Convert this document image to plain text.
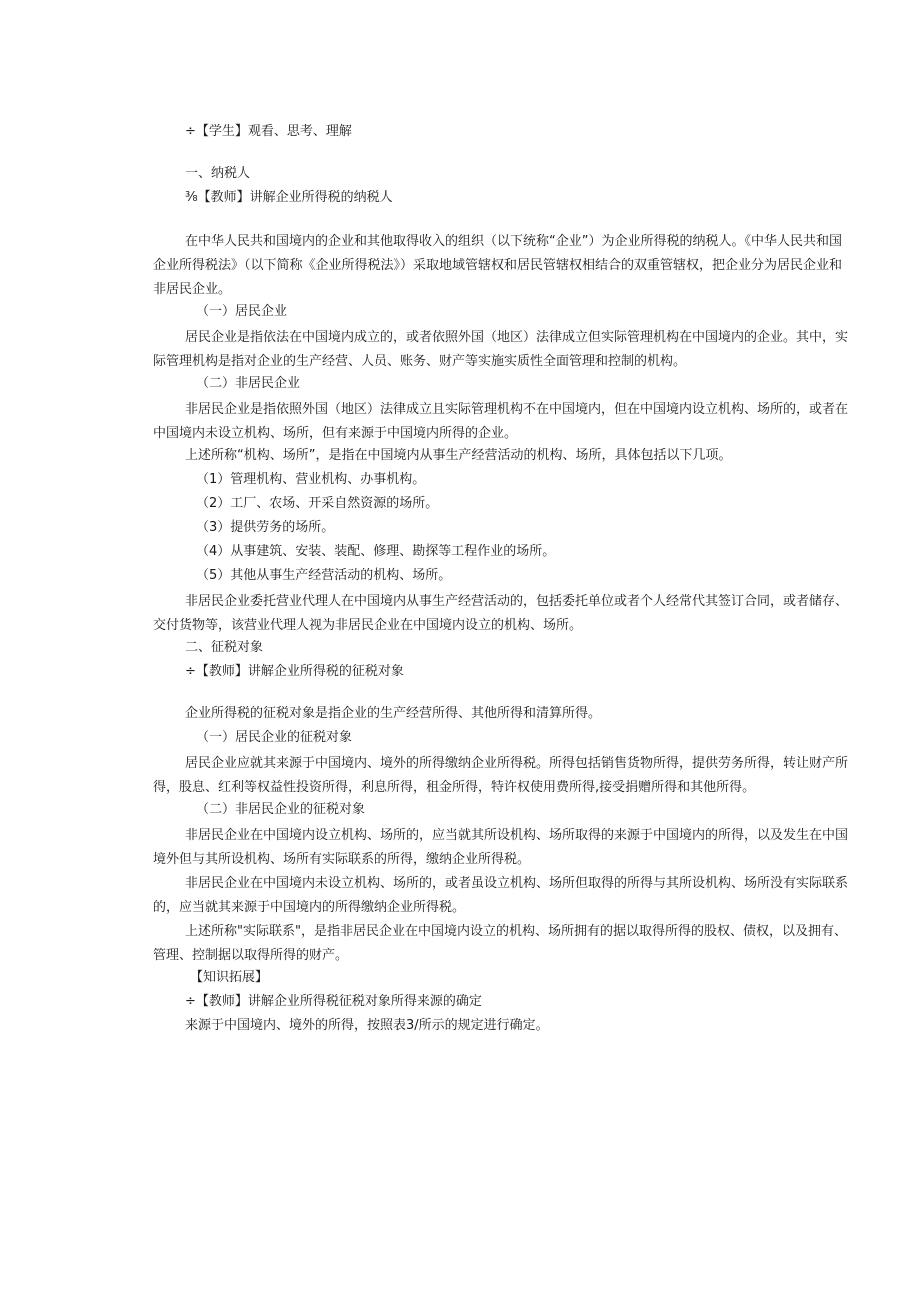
÷【学生】观看、思考、理解
一、纳税人
⅜【教师】讲解企业所得税的纳税人
在中华人民共和国境内的企业和其他取得收入的组织（以下统称“企业”）为企业所得税的纳税人。《中华人民共和国企业所得税法》（以下简称《企业所得税法》）采取地域管辖权和居民管辖权相结合的双重管辖权，把企业分为居民企业和非居民企业。
（一）居民企业
居民企业是指依法在中国境内成立的，或者依照外国（地区）法律成立但实际管理机构在中国境内的企业。其中，实际管理机构是指对企业的生产经营、人员、账务、财产等实施实质性全面管理和控制的机构。
（二）非居民企业
非居民企业是指依照外国（地区）法律成立且实际管理机构不在中国境内，但在中国境内设立机构、场所的，或者在中国境内未设立机构、场所，但有来源于中国境内所得的企业。
上述所称“机构、场所”，是指在中国境内从事生产经营活动的机构、场所，具体包括以下几项。
（1）管理机构、营业机构、办事机构。
（2）工厂、农场、开采自然资源的场所。
（3）提供劳务的场所。
（4）从事建筑、安装、装配、修理、勘探等工程作业的场所。
（5）其他从事生产经营活动的机构、场所。
非居民企业委托营业代理人在中国境内从事生产经营活动的，包括委托单位或者个人经常代其签订合同，或者储存、交付货物等，该营业代理人视为非居民企业在中国境内设立的机构、场所。
二、征税对象
÷【教师】讲解企业所得税的征税对象
企业所得税的征税对象是指企业的生产经营所得、其他所得和清算所得。
（一）居民企业的征税对象
居民企业应就其来源于中国境内、境外的所得缴纳企业所得税。所得包括销售货物所得，提供劳务所得，转让财产所得，股息、红利等权益性投资所得，利息所得，租金所得，特许权使用费所得,接受捐赠所得和其他所得。
（二）非居民企业的征税对象
非居民企业在中国境内设立机构、场所的，应当就其所设机构、场所取得的来源于中国境内的所得，以及发生在中国境外但与其所设机构、场所有实际联系的所得，缴纳企业所得税。
非居民企业在中国境内未设立机构、场所的，或者虽设立机构、场所但取得的所得与其所设机构、场所没有实际联系的，应当就其来源于中国境内的所得缴纳企业所得税。
上述所称"实际联系"，是指非居民企业在中国境内设立的机构、场所拥有的据以取得所得的股权、债权，以及拥有、管理、控制据以取得所得的财产。
【知识拓展】
÷【教师】讲解企业所得税征税对象所得来源的确定
来源于中国境内、境外的所得，按照表3/所示的规定进行确定。
